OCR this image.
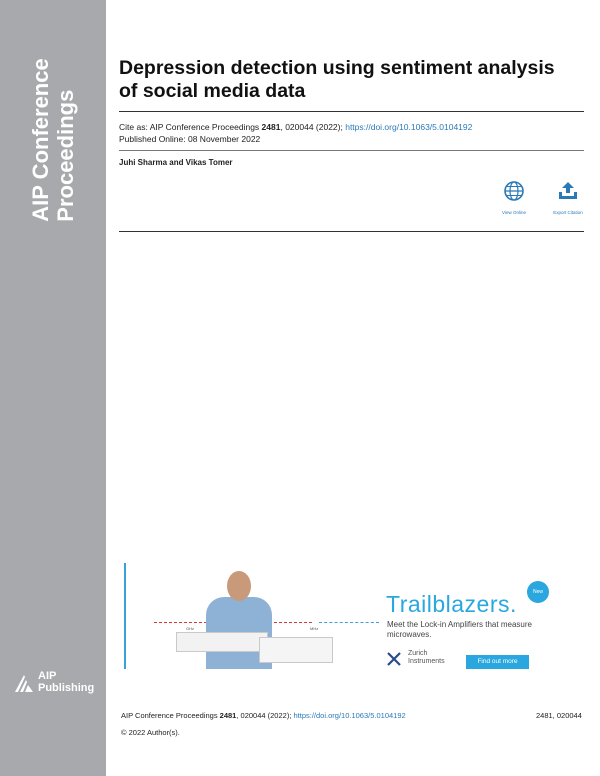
AIP Conference Proceedings
AIP
Publishing
Depression detection using sentiment analysis of social media data
Cite as: AIP Conference Proceedings 2481, 020044 (2022); https://doi.org/10.1063/5.0104192
Published Online: 08 November 2022
Juhi Sharma and Vikas Tomer
View Online	Export Citation
GHz	MHz
Trailblazers.	New
Meet the Lock-in Amplifiers that measure microwaves.
Zurich
Instruments	Find out more
AIP Conference Proceedings 2481, 020044 (2022); https://doi.org/10.1063/5.0104192	2481, 020044
© 2022 Author(s).
